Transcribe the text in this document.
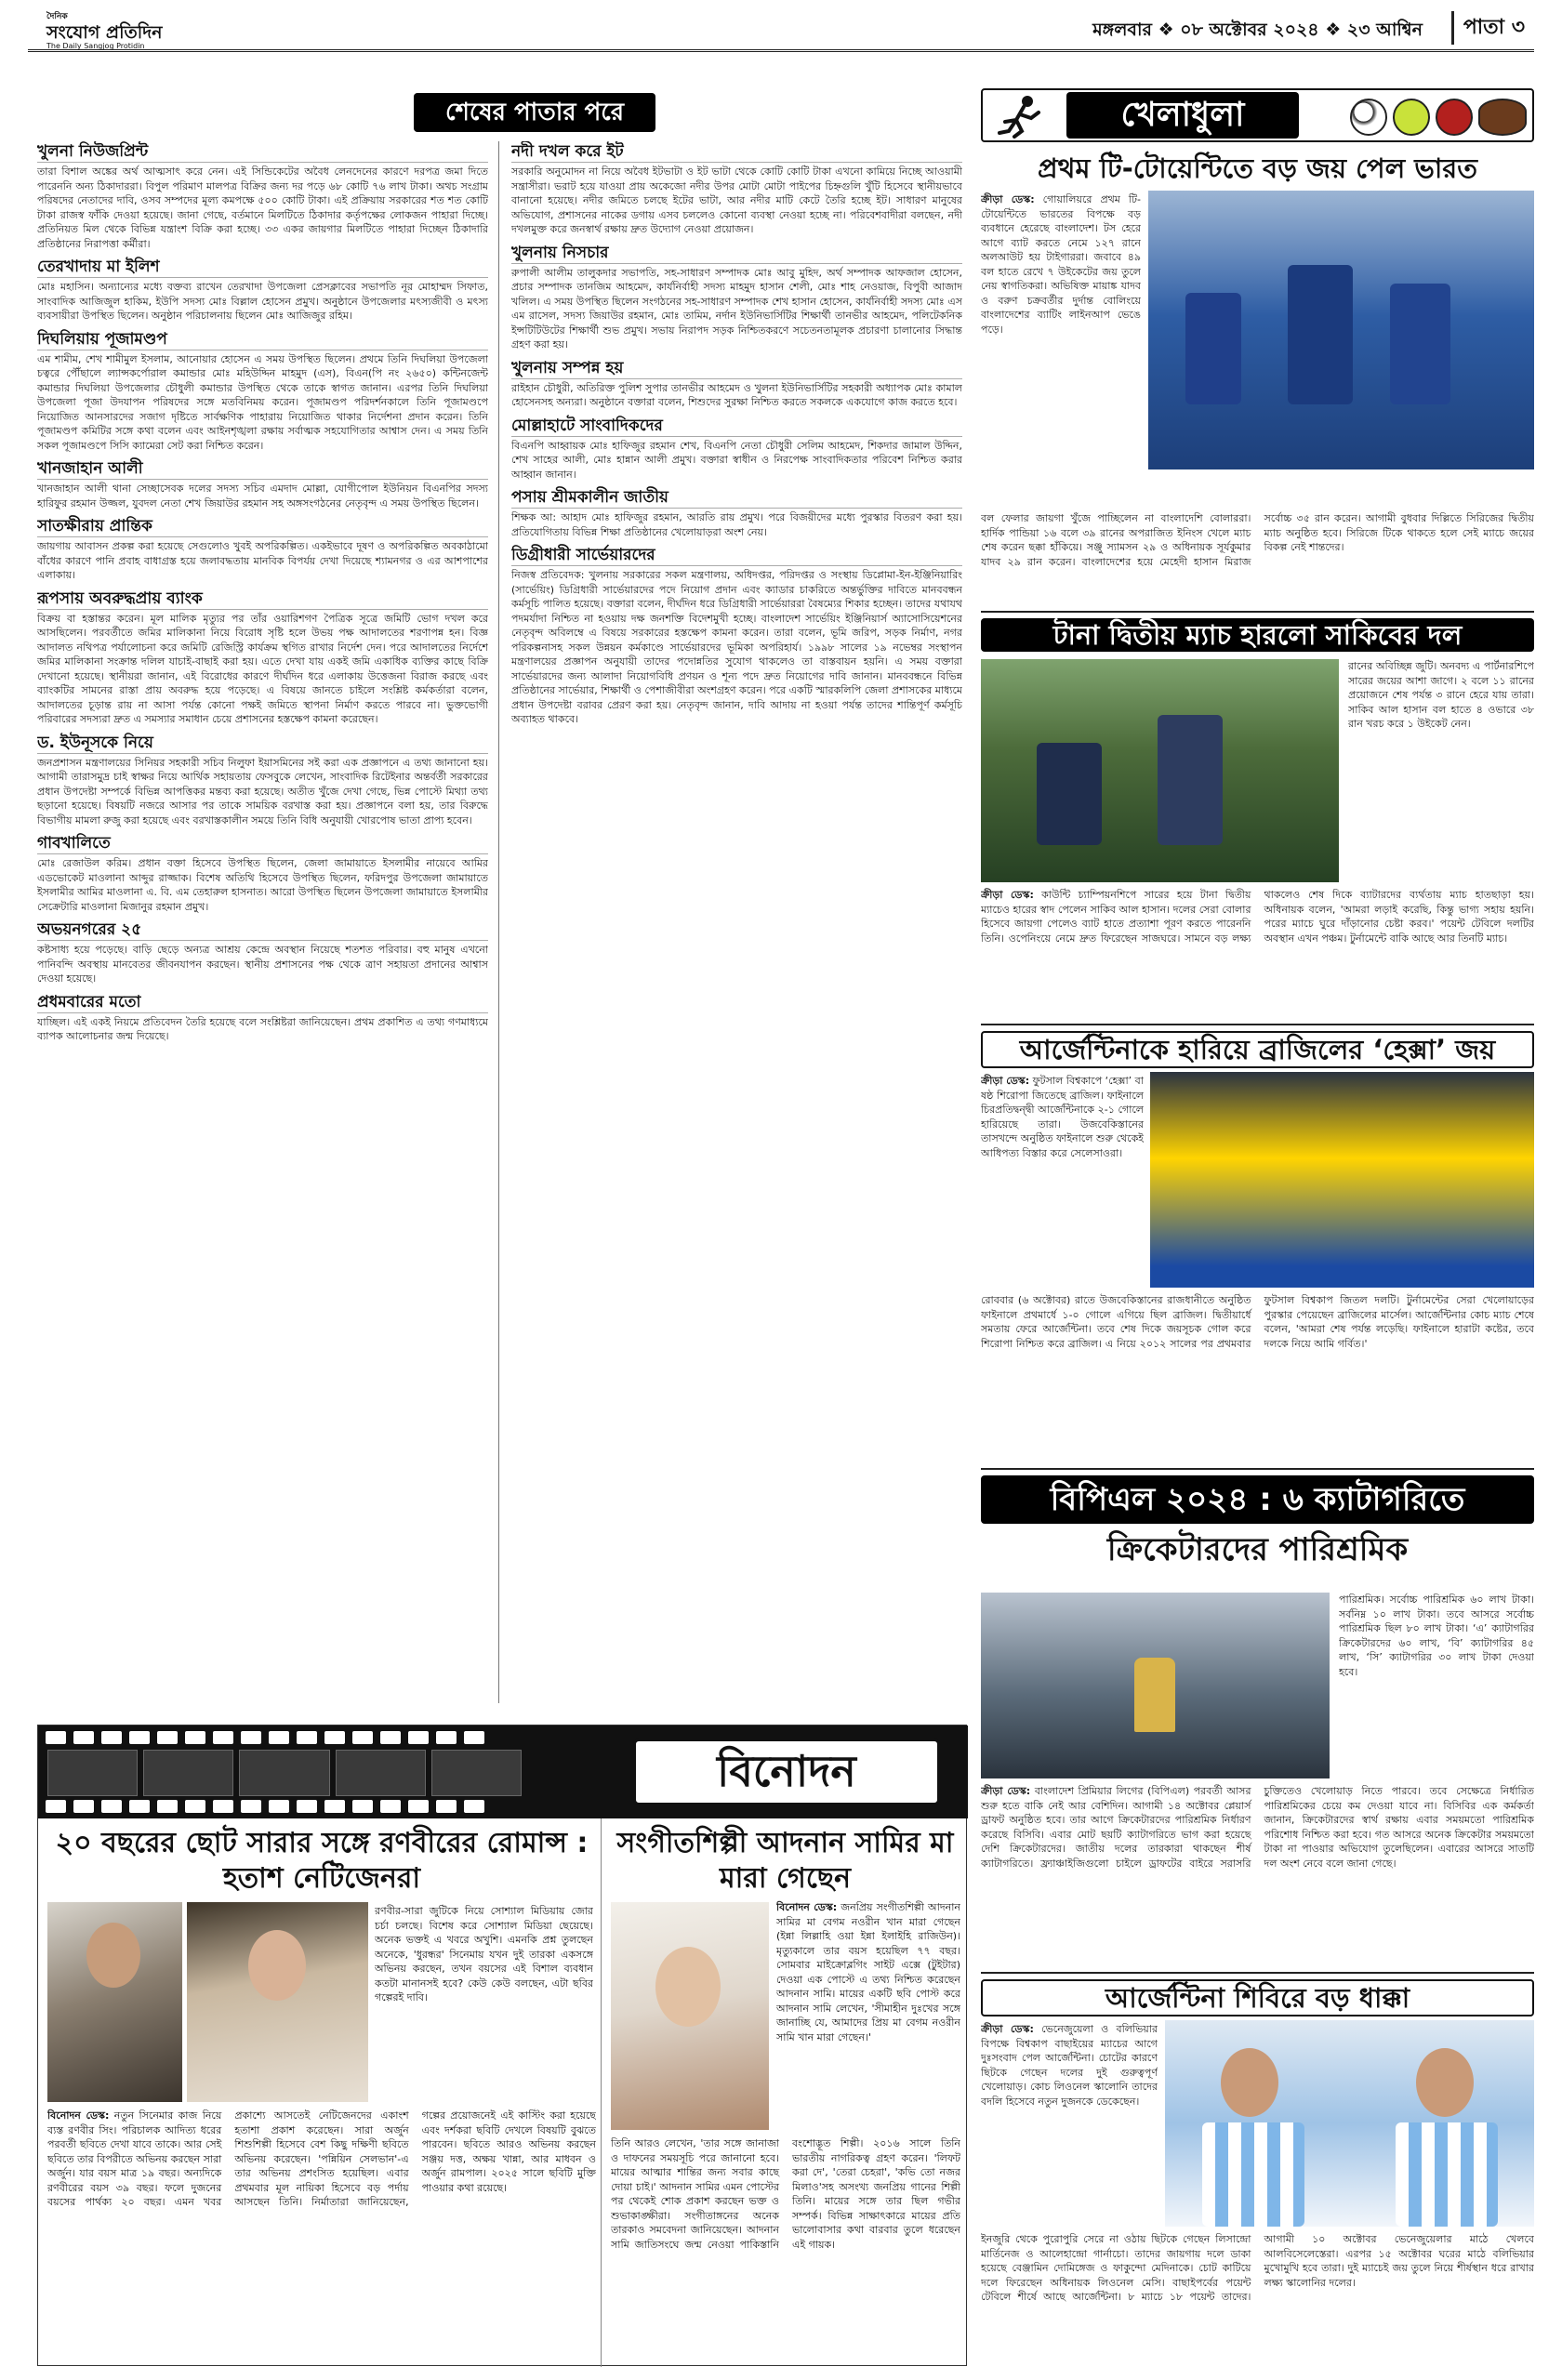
দৈনিক
সংযোগ প্রতিদিন
The Daily Sangjog Protidin
মঙ্গলবার ❖ ০৮ অক্টোবর ২০২৪ ❖ ২৩ আশ্বিন	পাতা ৩
শেষের পাতার পরে
খুলনা নিউজপ্রিন্ট

তারা বিশাল অঙ্কের অর্থ আত্মসাৎ করে নেন। এই সিন্ডিকেটের অবৈধ লেনদেনের কারণে দরপত্র জমা দিতে পারেননি অন্য ঠিকাদাররা। বিপুল পরিমাণ মালপত্র বিক্রির জন্য দর পড়ে ৬৮ কোটি ৭৬ লাখ টাকা। অথচ সংগ্রাম পরিষদের নেতাদের দাবি, ওসব সম্পদের মূল্য কমপক্ষে ৫০০ কোটি টাকা। এই প্রক্রিয়ায় সরকারের শত শত কোটি টাকা রাজস্ব ফাঁকি দেওয়া হয়েছে। জানা গেছে, বর্তমানে মিলটিতে ঠিকাদার কর্তৃপক্ষের লোকজন পাহারা দিচ্ছে। প্রতিনিয়ত মিল থেকে বিভিন্ন যন্ত্রাংশ বিক্রি করা হচ্ছে। ৩৩ একর জায়গার মিলটিতে পাহারা দিচ্ছেন ঠিকাদারি প্রতিষ্ঠানের নিরাপত্তা কর্মীরা।

তেরখাদায় মা ইলিশ

মোঃ মহাসিন। অন্যান্যের মধ্যে বক্তব্য রাখেন তেরখাদা উপজেলা প্রেসক্লাবের সভাপতি নূর মোহাম্মদ সিফাত, সাংবাদিক আজিজুল হাকিম, ইউপি সদস্য মোঃ বিল্লাল হোসেন প্রমুখ। অনুষ্ঠানে উপজেলার মৎস্যজীবী ও মৎস্য ব্যবসায়ীরা উপস্থিত ছিলেন। অনুষ্ঠান পরিচালনায় ছিলেন মোঃ আজিজুর রহিম।

দিঘলিয়ায় পূজামণ্ডপ

এম শামীম, শেখ শামীমুল ইসলাম, আনোয়ার হোসেন এ সময় উপস্থিত ছিলেন। প্রথমে তিনি দিঘলিয়া উপজেলা চত্বরে পৌঁছালে ল্যান্সকর্পোরাল কমান্ডার মোঃ মহিউদ্দিন মাহমুদ (এস), বিএন(পি নং ২৬৫০) কন্টিনজেন্ট কমান্ডার দিঘলিয়া উপজেলার চৌধুলী কমান্ডার উপস্থিত থেকে তাকে স্বাগত জানান। এরপর তিনি দিঘলিয়া উপজেলা পূজা উদযাপন পরিষদের সঙ্গে মতবিনিময় করেন। পূজামণ্ডপ পরিদর্শনকালে তিনি পূজামণ্ডপে নিয়োজিত আনসারদের সজাগ দৃষ্টিতে সার্বক্ষণিক পাহারায় নিয়োজিত থাকার নির্দেশনা প্রদান করেন। তিনি পূজামণ্ডপ কমিটির সঙ্গে কথা বলেন এবং আইনশৃঙ্খলা রক্ষায় সর্বাত্মক সহযোগিতার আশ্বাস দেন। এ সময় তিনি সকল পূজামণ্ডপে সিসি ক্যামেরা সেট করা নিশ্চিত করেন।

খানজাহান আলী

খানজাহান আলী থানা সেচ্ছাসেবক দলের সদস্য সচিব এমদাদ মোল্লা, যোগীপোল ইউনিয়ন বিএনপির সদস্য হারিফুর রহমান উজ্জল, যুবদল নেতা শেখ জিয়াউর রহমান সহ অঙ্গসংগঠনের নেতৃবৃন্দ এ সময় উপস্থিত ছিলেন।

সাতক্ষীরায় প্রান্তিক

জায়গায় আবাসন প্রকল্প করা হয়েছে সেগুলোও খুবই অপরিকল্পিত। একইভাবে দূষণ ও অপরিকল্পিত অবকাঠামো বাঁধের কারণে পানি প্রবাহ বাধাগ্রস্ত হয়ে জলাবদ্ধতায় মানবিক বিপর্যয় দেখা দিয়েছে শ্যামনগর ও এর আশপাশের এলাকায়।

রূপসায় অবরুদ্ধপ্রায় ব্যাংক

বিক্রয় বা হস্তান্তর করেন। মূল মালিক মৃত্যুর পর তাঁর ওয়ারিশগণ পৈত্রিক সূত্রে জমিটি ভোগ দখল করে আসছিলেন। পরবর্তীতে জমির মালিকানা নিয়ে বিরোধ সৃষ্টি হলে উভয় পক্ষ আদালতের শরণাপন্ন হন। বিজ্ঞ আদালত নথিপত্র পর্যালোচনা করে জমিটি রেজিস্ট্রি কার্যক্রম স্থগিত রাখার নির্দেশ দেন। পরে আদালতের নির্দেশে জমির মালিকানা সংক্রান্ত দলিল যাচাই-বাছাই করা হয়। এতে দেখা যায় একই জমি একাধিক ব্যক্তির কাছে বিক্রি দেখানো হয়েছে। স্থানীয়রা জানান, এই বিরোধের কারণে দীর্ঘদিন ধরে এলাকায় উত্তেজনা বিরাজ করছে এবং ব্যাংকটির সামনের রাস্তা প্রায় অবরুদ্ধ হয়ে পড়েছে। এ বিষয়ে জানতে চাইলে সংশ্লিষ্ট কর্মকর্তারা বলেন, আদালতের চূড়ান্ত রায় না আসা পর্যন্ত কোনো পক্ষই জমিতে স্থাপনা নির্মাণ করতে পারবে না। ভুক্তভোগী পরিবারের সদস্যরা দ্রুত এ সমস্যার সমাধান চেয়ে প্রশাসনের হস্তক্ষেপ কামনা করেছেন।

ড. ইউনূসকে নিয়ে

জনপ্রশাসন মন্ত্রণালয়ের সিনিয়র সহকারী সচিব নিলুফা ইয়াসমিনের সই করা এক প্রজ্ঞাপনে এ তথ্য জানানো হয়। আগামী তারাসমুদ্র চাই স্বাক্ষর নিয়ে আর্থিক সহায়তায় ফেসবুকে লেখেন, সাংবাদিক রিটেইনার অন্তর্বর্তী সরকারের প্রধান উপদেষ্টা সম্পর্কে বিভিন্ন আপত্তিকর মন্তব্য করা হয়েছে। অতীত খুঁজে দেখা গেছে, ভিন্ন পোস্টে মিথ্যা তথ্য ছড়ানো হয়েছে। বিষয়টি নজরে আসার পর তাকে সাময়িক বরখাস্ত করা হয়। প্রজ্ঞাপনে বলা হয়, তার বিরুদ্ধে বিভাগীয় মামলা রুজু করা হয়েছে এবং বরখাস্তকালীন সময়ে তিনি বিধি অনুযায়ী খোরপোষ ভাতা প্রাপ্য হবেন।

গাবখালিতে

মোঃ রেজাউল করিম। প্রধান বক্তা হিসেবে উপস্থিত ছিলেন, জেলা জামায়াতে ইসলামীর নায়েবে আমির এডভোকেট মাওলানা আব্দুর রাজ্জাক। বিশেষ অতিথি হিসেবে উপস্থিত ছিলেন, ফরিদপুর উপজেলা জামায়াতে ইসলামীর আমির মাওলানা এ. বি. এম তেহারুল হাসনাত। আরো উপস্থিত ছিলেন উপজেলা জামায়াতে ইসলামীর সেক্রেটারি মাওলানা মিজানুর রহমান প্রমুখ।

অভয়নগরের ২৫

কষ্টসাধ্য হয়ে পড়েছে। বাড়ি ছেড়ে অন্যত্র আশ্রয় কেন্দ্রে অবস্থান নিয়েছে শতশত পরিবার। বহু মানুষ এখনো পানিবন্দি অবস্থায় মানবেতর জীবনযাপন করছেন। স্থানীয় প্রশাসনের পক্ষ থেকে ত্রাণ সহায়তা প্রদানের আশ্বাস দেওয়া হয়েছে।

প্রধমবারের মতো

যাচ্ছিল। এই একই নিয়মে প্রতিবেদন তৈরি হয়েছে বলে সংশ্লিষ্টরা জানিয়েছেন। প্রথম প্রকাশিত এ তথ্য গণমাধ্যমে ব্যাপক আলোচনার জন্ম দিয়েছে।

নদী দখল করে ইট

সরকারি অনুমোদন না নিয়ে অবৈধ ইটভাটা ও ইট ভাটা থেকে কোটি কোটি টাকা এখনো কামিয়ে নিচ্ছে আওয়ামী সন্ত্রাসীরা। ভরাট হয়ে যাওয়া প্রায় অকেজো নদীর উপর মোটা মোটা পাইপের চিহ্নগুলি খুঁটি হিসেবে স্থানীয়ভাবে বানানো হয়েছে। নদীর জমিতে চলছে ইটের ভাটা, আর নদীর মাটি কেটে তৈরি হচ্ছে ইট। সাধারণ মানুষের অভিযোগ, প্রশাসনের নাকের ডগায় এসব চললেও কোনো ব্যবস্থা নেওয়া হচ্ছে না। পরিবেশবাদীরা বলছেন, নদী দখলমুক্ত করে জনস্বার্থ রক্ষায় দ্রুত উদ্যোগ নেওয়া প্রয়োজন।

খুলনায় নিসচার

রুপালী আলীম তালুকদার সভাপতি, সহ-সাধারণ সম্পাদক মোঃ আবু মুহিদ, অর্থ সম্পাদক আফজাল হোসেন, প্রচার সম্পাদক তানজিম আহমেদ, কার্যনির্বাহী সদস্য মাহমুদ হাসান শেলী, মোঃ শাহ নেওয়াজ, বিপুবী আজাদ খলিল। এ সময় উপস্থিত ছিলেন সংগঠনের সহ-সাধারণ সম্পাদক শেখ হাসান হোসেন, কার্যনির্বাহী সদস্য মোঃ এস এম রাসেল, সদস্য জিয়াউর রহমান, মোঃ তামিম, নর্দান ইউনিভার্সিটির শিক্ষার্থী তানভীর আহমেদ, পলিটেকনিক ইন্সটিটিউটের শিক্ষার্থী শুভ প্রমুখ। সভায় নিরাপদ সড়ক নিশ্চিতকরণে সচেতনতামূলক প্রচারণা চালানোর সিদ্ধান্ত গ্রহণ করা হয়।

খুলনায় সম্পন্ন হয়

রাইহান চৌধুরী, অতিরিক্ত পুলিশ সুপার তানভীর আহমেদ ও খুলনা ইউনিভার্সিটির সহকারী অধ্যাপক মোঃ কামাল হোসেনসহ অন্যরা। অনুষ্ঠানে বক্তারা বলেন, শিশুদের সুরক্ষা নিশ্চিত করতে সকলকে একযোগে কাজ করতে হবে।

মোল্লাহাটে সাংবাদিকদের

বিএনপি আহ্বায়ক মোঃ হাফিজুর রহমান শেখ, বিএনপি নেতা চৌধুরী সেলিম আহমেদ, শিকদার জামাল উদ্দিন, শেখ সাহের আলী, মোঃ হান্নান আলী প্রমুখ। বক্তারা স্বাধীন ও নিরপেক্ষ সাংবাদিকতার পরিবেশ নিশ্চিত করার আহ্বান জানান।

পসায় শ্রীমকালীন জাতীয়

শিক্ষক আ: আহাদ মোঃ হাফিজুর রহমান, আরতি রায় প্রমুখ। পরে বিজয়ীদের মধ্যে পুরস্কার বিতরণ করা হয়। প্রতিযোগিতায় বিভিন্ন শিক্ষা প্রতিষ্ঠানের খেলোয়াড়রা অংশ নেয়।

ডিগ্রীধারী সার্ভেয়ারদের

নিজস্ব প্রতিবেদক: খুলনায় সরকারের সকল মন্ত্রণালয়, অধিদপ্তর, পরিদপ্তর ও সংস্থায় ডিপ্লোমা-ইন-ইঞ্জিনিয়ারিং (সার্ভেয়িং) ডিগ্রিধারী সার্ভেয়ারদের পদে নিয়োগ প্রদান এবং ক্যাডার চাকরিতে অন্তর্ভুক্তির দাবিতে মানববন্ধন কর্মসূচি পালিত হয়েছে। বক্তারা বলেন, দীর্ঘদিন ধরে ডিগ্রিধারী সার্ভেয়াররা বৈষম্যের শিকার হচ্ছেন। তাদের যথাযথ পদমর্যাদা নিশ্চিত না হওয়ায় দক্ষ জনশক্তি বিদেশমুখী হচ্ছে। বাংলাদেশ সার্ভেয়িং ইঞ্জিনিয়ার্স অ্যাসোসিয়েশনের নেতৃবৃন্দ অবিলম্বে এ বিষয়ে সরকারের হস্তক্ষেপ কামনা করেন। তারা বলেন, ভূমি জরিপ, সড়ক নির্মাণ, নগর পরিকল্পনাসহ সকল উন্নয়ন কর্মকাণ্ডে সার্ভেয়ারদের ভূমিকা অপরিহার্য। ১৯৯৮ সালের ১৯ নভেম্বর সংস্থাপন মন্ত্রণালয়ের প্রজ্ঞাপন অনুযায়ী তাদের পদোন্নতির সুযোগ থাকলেও তা বাস্তবায়ন হয়নি। এ সময় বক্তারা সার্ভেয়ারদের জন্য আলাদা নিয়োগবিধি প্রণয়ন ও শূন্য পদে দ্রুত নিয়োগের দাবি জানান। মানববন্ধনে বিভিন্ন প্রতিষ্ঠানের সার্ভেয়ার, শিক্ষার্থী ও পেশাজীবীরা অংশগ্রহণ করেন। পরে একটি স্মারকলিপি জেলা প্রশাসকের মাধ্যমে প্রধান উপদেষ্টা বরাবর প্রেরণ করা হয়। নেতৃবৃন্দ জানান, দাবি আদায় না হওয়া পর্যন্ত তাদের শান্তিপূর্ণ কর্মসূচি অব্যাহত থাকবে।

বিনোদন
২০ বছরের ছোট সারার সঙ্গে রণবীরের রোমান্স : হতাশ নেটিজেনরা
রণবীর-সারা জুটিকে নিয়ে সোশ্যাল মিডিয়ায় জোর চর্চা চলছে। বিশেষ করে সোশ্যাল মিডিয়া ছেয়েছে। অনেক ভক্তই এ খবরে অখুশি। এমনকি প্রশ্ন তুলছেন অনেকে, 'ধুরন্ধর' সিনেমায় যখন দুই তারকা একসঙ্গে অভিনয় করছেন, তখন বয়সের এই বিশাল ব্যবধান কতটা মানানসই হবে? কেউ কেউ বলছেন, এটা ছবির গল্পেরই দাবি।
বিনোদন ডেস্ক: নতুন সিনেমার কাজ নিয়ে ব্যস্ত রণবীর সিং। পরিচালক আদিত্য ধরের পরবর্তী ছবিতে দেখা যাবে তাকে। আর সেই ছবিতে তার বিপরীতে অভিনয় করছেন সারা অর্জুন। যার বয়স মাত্র ১৯ বছর। অন্যদিকে রণবীরের বয়স ৩৯ বছর। ফলে দুজনের বয়সের পার্থক্য ২০ বছর। এমন খবর প্রকাশ্যে আসতেই নেটিজেনদের একাংশ হতাশা প্রকাশ করেছেন। সারা অর্জুন শিশুশিল্পী হিসেবে বেশ কিছু দক্ষিণী ছবিতে অভিনয় করেছেন। 'পন্নিয়িন সেলভান'-এ তার অভিনয় প্রশংসিত হয়েছিল। এবার প্রথমবার মূল নায়িকা হিসেবে বড় পর্দায় আসছেন তিনি। নির্মাতারা জানিয়েছেন, গল্পের প্রয়োজনেই এই কাস্টিং করা হয়েছে এবং দর্শকরা ছবিটি দেখলে বিষয়টি বুঝতে পারবেন। ছবিতে আরও অভিনয় করছেন সঞ্জয় দত্ত, অক্ষয় খান্না, আর মাধবন ও অর্জুন রামপাল। ২০২৫ সালে ছবিটি মুক্তি পাওয়ার কথা রয়েছে।
সংগীতশিল্পী আদনান সামির মা মারা গেছেন
বিনোদন ডেস্ক: জনপ্রিয় সংগীতশিল্পী আদনান সামির মা বেগম নওরীন খান মারা গেছেন (ইন্না লিল্লাহি ওয়া ইন্না ইলাইহি রাজিউন)। মৃত্যুকালে তার বয়স হয়েছিল ৭৭ বছর। সোমবার মাইক্রোব্লগিং সাইট এক্সে (টুইটার) দেওয়া এক পোস্টে এ তথ্য নিশ্চিত করেছেন আদনান সামি। মায়ের একটি ছবি পোস্ট করে আদনান সামি লেখেন, 'সীমাহীন দুঃখের সঙ্গে জানাচ্ছি যে, আমাদের প্রিয় মা বেগম নওরীন সামি খান মারা গেছেন।'
তিনি আরও লেখেন, 'তার সঙ্গে জানাজা ও দাফনের সময়সূচি পরে জানানো হবে। মায়ের আত্মার শান্তির জন্য সবার কাছে দোয়া চাই।' আদনান সামির এমন পোস্টের পর থেকেই শোক প্রকাশ করছেন ভক্ত ও শুভাকাঙ্ক্ষীরা। সংগীতাঙ্গনের অনেক তারকাও সমবেদনা জানিয়েছেন। আদনান সামি জাতিসংঘে জন্ম নেওয়া পাকিস্তানি বংশোদ্ভূত শিল্পী। ২০১৬ সালে তিনি ভারতীয় নাগরিকত্ব গ্রহণ করেন। 'লিফট করা দে', 'তেরা চেহরা', 'কভি তো নজর মিলাও'সহ অসংখ্য জনপ্রিয় গানের শিল্পী তিনি। মায়ের সঙ্গে তার ছিল গভীর সম্পর্ক। বিভিন্ন সাক্ষাৎকারে মায়ের প্রতি ভালোবাসার কথা বারবার তুলে ধরেছেন এই গায়ক।
খেলাধুলা
প্রথম টি-টোয়েন্টিতে বড় জয় পেল ভারত
ক্রীড়া ডেস্ক: গোয়ালিয়রে প্রথম টি-টোয়েন্টিতে ভারতের বিপক্ষে বড় ব্যবধানে হেরেছে বাংলাদেশ। টস হেরে আগে ব্যাট করতে নেমে ১২৭ রানে অলআউট হয় টাইগাররা। জবাবে ৪৯ বল হাতে রেখে ৭ উইকেটের জয় তুলে নেয় স্বাগতিকরা। অভিষিক্ত মায়াঙ্ক যাদব ও বরুণ চক্রবর্তীর দুর্দান্ত বোলিংয়ে বাংলাদেশের ব্যাটিং লাইনআপ ভেঙে পড়ে।
বল ফেলার জায়গা খুঁজে পাচ্ছিলেন না বাংলাদেশি বোলাররা। হার্দিক পান্ডিয়া ১৬ বলে ৩৯ রানের অপরাজিত ইনিংস খেলে ম্যাচ শেষ করেন ছক্কা হাঁকিয়ে। সঞ্জু স্যামসন ২৯ ও অধিনায়ক সূর্যকুমার যাদব ২৯ রান করেন। বাংলাদেশের হয়ে মেহেদী হাসান মিরাজ সর্বোচ্চ ৩৫ রান করেন। আগামী বুধবার দিল্লিতে সিরিজের দ্বিতীয় ম্যাচ অনুষ্ঠিত হবে। সিরিজে টিকে থাকতে হলে সেই ম্যাচে জয়ের বিকল্প নেই শান্তদের।
টানা দ্বিতীয় ম্যাচ হারলো সাকিবের দল
রানের অবিচ্ছিন্ন জুটি। অনবদ্য এ পার্টনারশিপে সারের জয়ের আশা জাগে। ২ বলে ১১ রানের প্রয়োজনে শেষ পর্যন্ত ৩ রানে হেরে যায় তারা। সাকিব আল হাসান বল হাতে ৪ ওভারে ৩৮ রান খরচ করে ১ উইকেট নেন।
ক্রীড়া ডেস্ক: কাউন্টি চ্যাম্পিয়নশিপে সারের হয়ে টানা দ্বিতীয় ম্যাচেও হারের স্বাদ পেলেন সাকিব আল হাসান। দলের সেরা বোলার হিসেবে জায়গা পেলেও ব্যাট হাতে প্রত্যাশা পূরণ করতে পারেননি তিনি। ওপেনিংয়ে নেমে দ্রুত ফিরেছেন সাজঘরে। সামনে বড় লক্ষ্য থাকলেও শেষ দিকে ব্যাটারদের ব্যর্থতায় ম্যাচ হাতছাড়া হয়। অধিনায়ক বলেন, 'আমরা লড়াই করেছি, কিন্তু ভাগ্য সহায় হয়নি। পরের ম্যাচে ঘুরে দাঁড়ানোর চেষ্টা করব।' পয়েন্ট টেবিলে দলটির অবস্থান এখন পঞ্চম। টুর্নামেন্টে বাকি আছে আর তিনটি ম্যাচ।
আর্জেন্টিনাকে হারিয়ে ব্রাজিলের ‘হেক্সা’ জয়
ক্রীড়া ডেস্ক: ফুটসাল বিশ্বকাপে ‘হেক্সা’ বা ষষ্ঠ শিরোপা জিতেছে ব্রাজিল। ফাইনালে চিরপ্রতিদ্বন্দ্বী আর্জেন্টিনাকে ২-১ গোলে হারিয়েছে তারা। উজবেকিস্তানের তাসখন্দে অনুষ্ঠিত ফাইনালে শুরু থেকেই আধিপত্য বিস্তার করে সেলেসাওরা।
রোববার (৬ অক্টোবর) রাতে উজবেকিস্তানের রাজধানীতে অনুষ্ঠিত ফাইনালে প্রথমার্ধে ১-০ গোলে এগিয়ে ছিল ব্রাজিল। দ্বিতীয়ার্ধে সমতায় ফেরে আর্জেন্টিনা। তবে শেষ দিকে জয়সূচক গোল করে শিরোপা নিশ্চিত করে ব্রাজিল। এ নিয়ে ২০১২ সালের পর প্রথমবার ফুটসাল বিশ্বকাপ জিতল দলটি। টুর্নামেন্টের সেরা খেলোয়াড়ের পুরস্কার পেয়েছেন ব্রাজিলের মার্সেল। আর্জেন্টিনার কোচ ম্যাচ শেষে বলেন, 'আমরা শেষ পর্যন্ত লড়েছি। ফাইনালে হারাটা কষ্টের, তবে দলকে নিয়ে আমি গর্বিত।'
বিপিএল ২০২৪ : ৬ ক্যাটাগরিতে
ক্রিকেটারদের পারিশ্রমিক
পারিশ্রমিক। সর্বোচ্চ পারিশ্রমিক ৬০ লাখ টাকা। সর্বনিম্ন ১০ লাখ টাকা। তবে আসরে সর্বোচ্চ পারিশ্রমিক ছিল ৮০ লাখ টাকা। ‘এ’ ক্যাটাগরির ক্রিকেটারদের ৬০ লাখ, ‘বি’ ক্যাটাগরির ৪৫ লাখ, ‘সি’ ক্যাটাগরির ৩০ লাখ টাকা দেওয়া হবে।
ক্রীড়া ডেস্ক: বাংলাদেশ প্রিমিয়ার লিগের (বিপিএল) পরবর্তী আসর শুরু হতে বাকি নেই আর বেশিদিন। আগামী ১৪ অক্টোবর প্লেয়ার্স ড্রাফট অনুষ্ঠিত হবে। তার আগে ক্রিকেটারদের পারিশ্রমিক নির্ধারণ করেছে বিসিবি। এবার মোট ছয়টি ক্যাটাগরিতে ভাগ করা হয়েছে দেশি ক্রিকেটারদের। জাতীয় দলের তারকারা থাকছেন শীর্ষ ক্যাটাগরিতে। ফ্র্যাঞ্চাইজিগুলো চাইলে ড্রাফটের বাইরে সরাসরি চুক্তিতেও খেলোয়াড় নিতে পারবে। তবে সেক্ষেত্রে নির্ধারিত পারিশ্রমিকের চেয়ে কম দেওয়া যাবে না। বিসিবির এক কর্মকর্তা জানান, ক্রিকেটারদের স্বার্থ রক্ষায় এবার সময়মতো পারিশ্রমিক পরিশোধ নিশ্চিত করা হবে। গত আসরে অনেক ক্রিকেটার সময়মতো টাকা না পাওয়ার অভিযোগ তুলেছিলেন। এবারের আসরে সাতটি দল অংশ নেবে বলে জানা গেছে।
আর্জেন্টিনা শিবিরে বড় ধাক্কা
ক্রীড়া ডেস্ক: ভেনেজুয়েলা ও বলিভিয়ার বিপক্ষে বিশ্বকাপ বাছাইয়ের ম্যাচের আগে দুঃসংবাদ পেল আর্জেন্টিনা। চোটের কারণে ছিটকে গেছেন দলের দুই গুরুত্বপূর্ণ খেলোয়াড়। কোচ লিওনেল স্কালোনি তাদের বদলি হিসেবে নতুন দুজনকে ডেকেছেন।
ইনজুরি থেকে পুরোপুরি সেরে না ওঠায় ছিটকে গেছেন লিসান্দ্রো মার্তিনেজ ও আলেহান্দ্রো গার্নাচো। তাদের জায়গায় দলে ডাকা হয়েছে বেঞ্জামিন দোমিঙ্গেজ ও ফাকুন্দো মেদিনাকে। চোট কাটিয়ে দলে ফিরেছেন অধিনায়ক লিওনেল মেসি। বাছাইপর্বের পয়েন্ট টেবিলে শীর্ষে আছে আর্জেন্টিনা। ৮ ম্যাচে ১৮ পয়েন্ট তাদের। আগামী ১০ অক্টোবর ভেনেজুয়েলার মাঠে খেলবে আলবিসেলেস্তেরা। এরপর ১৫ অক্টোবর ঘরের মাঠে বলিভিয়ার মুখোমুখি হবে তারা। দুই ম্যাচেই জয় তুলে নিয়ে শীর্ষস্থান ধরে রাখার লক্ষ্য স্কালোনির দলের।
